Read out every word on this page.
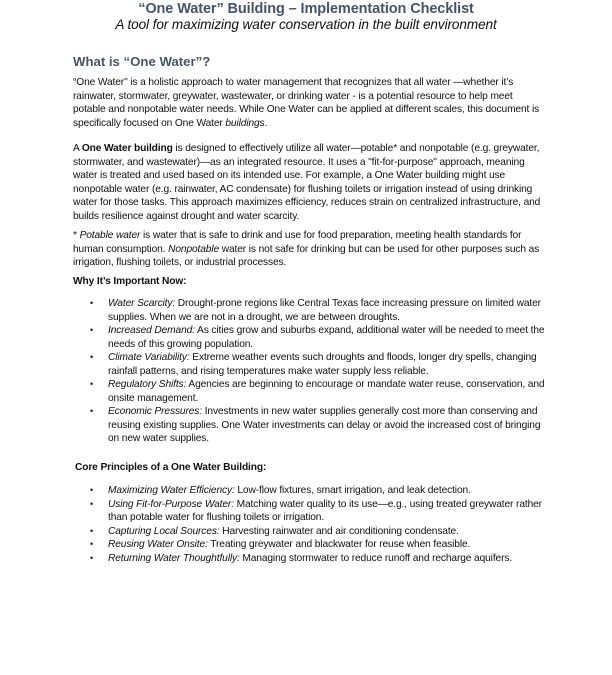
“One Water” Building – Implementation Checklist
A tool for maximizing water conservation in the built environment
What is “One Water”?

“One Water" is a holistic approach to water management that recognizes that all water —whether it’s rainwater, stormwater, greywater, wastewater, or drinking water - is a potential resource to help meet potable and nonpotable water needs. While One Water can be applied at different scales, this document is specifically focused on One Water buildings.

A One Water building is designed to effectively utilize all water—potable* and nonpotable (e.g. greywater, stormwater, and wastewater)—as an integrated resource. It uses a "fit-for-purpose" approach, meaning water is treated and used based on its intended use. For example, a One Water building might use nonpotable water (e.g. rainwater, AC condensate) for flushing toilets or irrigation instead of using drinking water for those tasks. This approach maximizes efficiency, reduces strain on centralized infrastructure, and builds resilience against drought and water scarcity.

* Potable water is water that is safe to drink and use for food preparation, meeting health standards for human consumption. Nonpotable water is not safe for drinking but can be used for other purposes such as irrigation, flushing toilets, or industrial processes.

Why It’s Important Now:
• Water Scarcity: Drought-prone regions like Central Texas face increasing pressure on limited water supplies. When we are not in a drought, we are between droughts.
• Increased Demand: As cities grow and suburbs expand, additional water will be needed to meet the needs of this growing population.
• Climate Variability: Extreme weather events such droughts and floods, longer dry spells, changing rainfall patterns, and rising temperatures make water supply less reliable.
• Regulatory Shifts: Agencies are beginning to encourage or mandate water reuse, conservation, and onsite management.
• Economic Pressures: Investments in new water supplies generally cost more than conserving and reusing existing supplies. One Water investments can delay or avoid the increased cost of bringing on new water supplies.
Core Principles of a One Water Building:
• Maximizing Water Efficiency: Low-flow fixtures, smart irrigation, and leak detection.
• Using Fit-for-Purpose Water: Matching water quality to its use—e.g., using treated greywater rather than potable water for flushing toilets or irrigation.
• Capturing Local Sources: Harvesting rainwater and air conditioning condensate.
• Reusing Water Onsite: Treating greywater and blackwater for reuse when feasible.
• Returning Water Thoughtfully: Managing stormwater to reduce runoff and recharge aquifers.
